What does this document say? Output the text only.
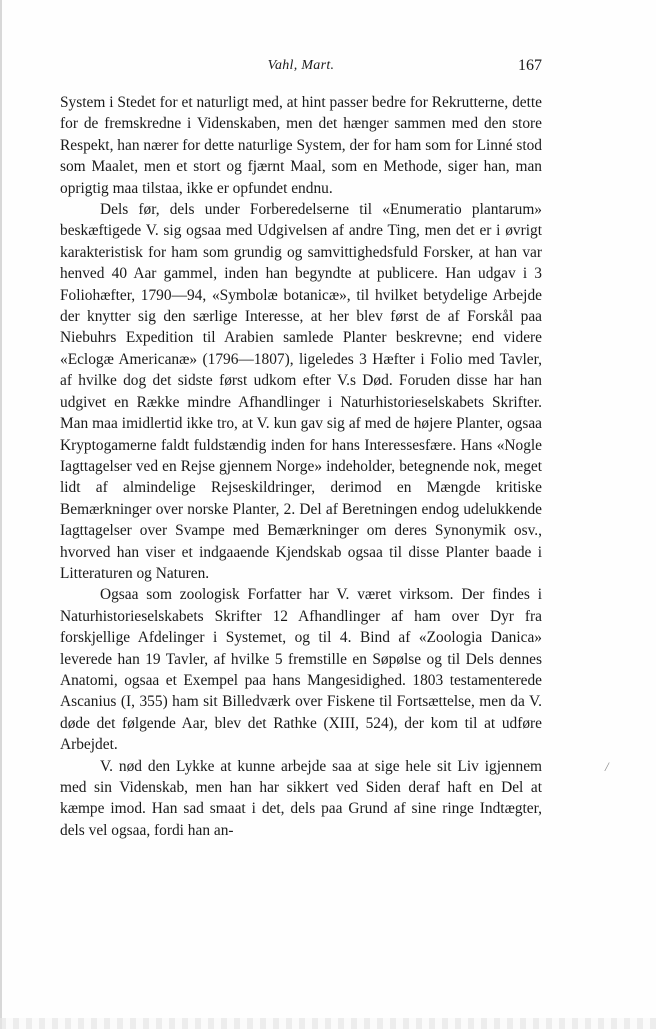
Vahl, Mart.	167

System i Stedet for et naturligt med, at hint passer bedre for Rekrutterne, dette for de fremskredne i Videnskaben, men det hænger sammen med den store Respekt, han nærer for dette naturlige System, der for ham som for Linné stod som Maalet, men et stort og fjærnt Maal, som en Methode, siger han, man oprigtig maa tilstaa, ikke er opfundet endnu.

Dels før, dels under Forberedelserne til «Enumeratio plantarum» beskæftigede V. sig ogsaa med Udgivelsen af andre Ting, men det er i øvrigt karakteristisk for ham som grundig og samvittighedsfuld Forsker, at han var henved 40 Aar gammel, inden han begyndte at publicere. Han udgav i 3 Foliohæfter, 1790—94, «Symbolæ botanicæ», til hvilket betydelige Arbejde der knytter sig den særlige Interesse, at her blev først de af Forskål paa Niebuhrs Expedition til Arabien samlede Planter beskrevne; end videre «Eclogæ Americanæ» (1796—1807), ligeledes 3 Hæfter i Folio med Tavler, af hvilke dog det sidste først udkom efter V.s Død. Foruden disse har han udgivet en Række mindre Afhandlinger i Naturhistorieselskabets Skrifter. Man maa imidlertid ikke tro, at V. kun gav sig af med de højere Planter, ogsaa Kryptogamerne faldt fuldstændig inden for hans Interessesfære. Hans «Nogle Iagttagelser ved en Rejse gjennem Norge» indeholder, betegnende nok, meget lidt af almindelige Rejseskildringer, derimod en Mængde kritiske Bemærkninger over norske Planter, 2. Del af Beretningen endog udelukkende Iagttagelser over Svampe med Bemærkninger om deres Synonymik osv., hvorved han viser et indgaaende Kjendskab ogsaa til disse Planter baade i Litteraturen og Naturen.

Ogsaa som zoologisk Forfatter har V. været virksom. Der findes i Naturhistorieselskabets Skrifter 12 Afhandlinger af ham over Dyr fra forskjellige Afdelinger i Systemet, og til 4. Bind af «Zoologia Danica» leverede han 19 Tavler, af hvilke 5 fremstille en Søpølse og til Dels dennes Anatomi, ogsaa et Exempel paa hans Mangesidighed. 1803 testamenterede Ascanius (I, 355) ham sit Billedværk over Fiskene til Fortsættelse, men da V. døde det følgende Aar, blev det Rathke (XIII, 524), der kom til at udføre Arbejdet.

V. nød den Lykke at kunne arbejde saa at sige hele sit Liv igjennem med sin Videnskab, men han har sikkert ved Siden deraf haft en Del at kæmpe imod. Han sad smaat i det, dels paa Grund af sine ringe Indtægter, dels vel ogsaa, fordi han an-

/
